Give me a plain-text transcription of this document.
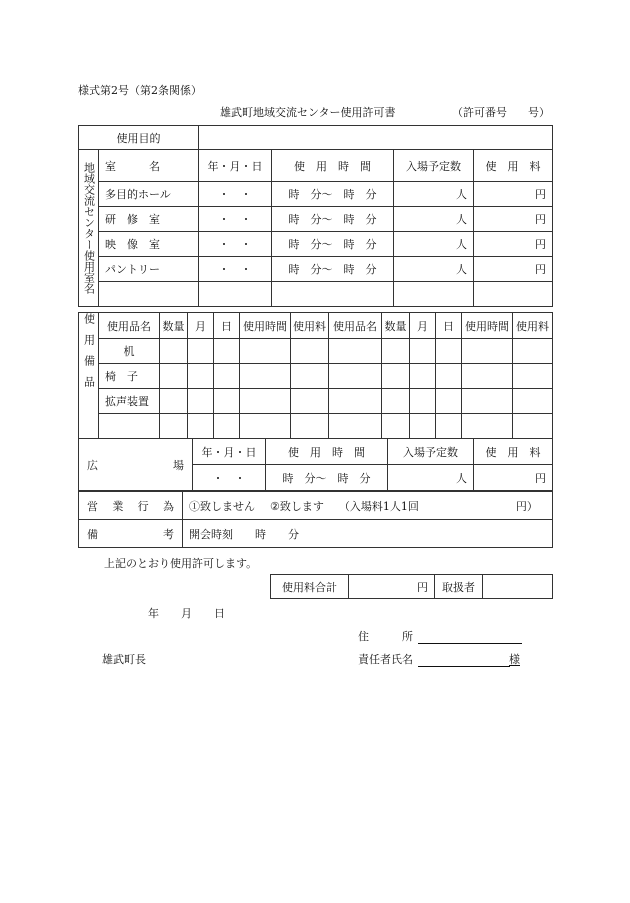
様式第2号（第2条関係）
雄武町地域交流センター使用許可書	（許可番号 号）
使用目的					
地域交流センター使用室名	室　　　名	年・月・日	使　用　時　間	入場予定数	使　用　料
	多目的ホール	・　・	時　分〜　時　分	人	円
	研　修　室	・　・	時　分〜　時　分	人	円
	映　像　室	・　・	時　分〜　時　分	人	円
	パントリー	・　・	時　分〜　時　分	人	円

使用備品	使用品名	数量	月	日	使用時間	使用料	使用品名	数量	月	日	使用時間	使用料
	机											
	椅　子											
	拡声装置											

広　　場	年・月・日	使　用　時　間	入場予定数	使　用　料
	・　・	時　分〜　時　分	人	円
営　業　行　為	①致しません ②致します （入場料1人1回 円）
備　　　考	開会時刻　　時　　分
上記のとおり使用許可します。
使用料合計	円	取扱者	
年　　月　　日
住　　　所
雄武町長	責任者氏名	様
